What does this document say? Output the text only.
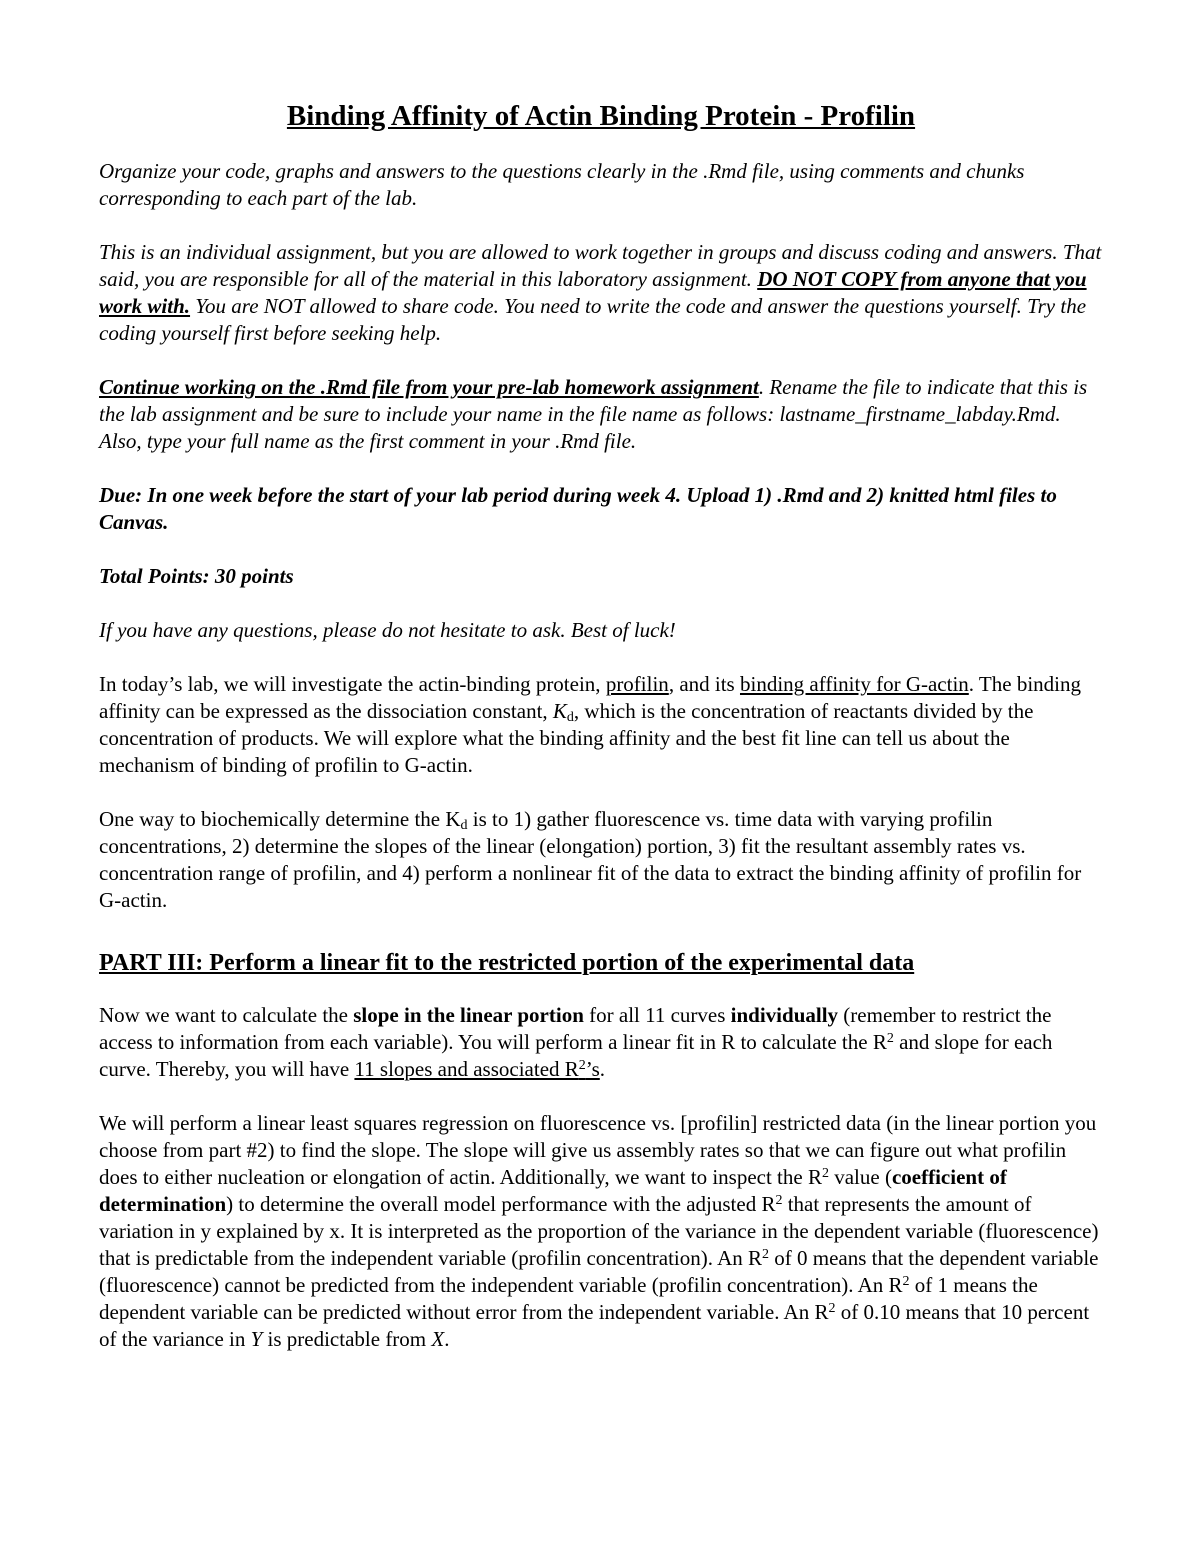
Binding Affinity of Actin Binding Protein - Profilin

Organize your code, graphs and answers to the questions clearly in the .Rmd file, using comments and chunks corresponding to each part of the lab.

This is an individual assignment, but you are allowed to work together in groups and discuss coding and answers. That said, you are responsible for all of the material in this laboratory assignment. DO NOT COPY from anyone that you work with. You are NOT allowed to share code. You need to write the code and answer the questions yourself. Try the coding yourself first before seeking help.

Continue working on the .Rmd file from your pre-lab homework assignment. Rename the file to indicate that this is the lab assignment and be sure to include your name in the file name as follows: lastname_firstname_labday.Rmd. Also, type your full name as the first comment in your .Rmd file.

Due: In one week before the start of your lab period during week 4. Upload 1) .Rmd and 2) knitted html files to Canvas.

Total Points: 30 points

If you have any questions, please do not hesitate to ask. Best of luck!

In today’s lab, we will investigate the actin-binding protein, profilin, and its binding affinity for G-actin. The binding affinity can be expressed as the dissociation constant, $K_d$, which is the concentration of reactants divided by the concentration of products. We will explore what the binding affinity and the best fit line can tell us about the mechanism of binding of profilin to G-actin.

One way to biochemically determine the $K_d$ is to 1) gather fluorescence vs. time data with varying profilin concentrations, 2) determine the slopes of the linear (elongation) portion, 3) fit the resultant assembly rates vs. concentration range of profilin, and 4) perform a nonlinear fit of the data to extract the binding affinity of profilin for G-actin.

PART III: Perform a linear fit to the restricted portion of the experimental data

Now we want to calculate the slope in the linear portion for all 11 curves individually (remember to restrict the access to information from each variable). You will perform a linear fit in R to calculate the $R^2$ and slope for each curve. Thereby, you will have 11 slopes and associated $R^2’s$.

We will perform a linear least squares regression on fluorescence vs. [profilin] restricted data (in the linear portion you choose from part #2) to find the slope. The slope will give us assembly rates so that we can figure out what profilin does to either nucleation or elongation of actin. Additionally, we want to inspect the $R^2$ value (coefficient of determination) to determine the overall model performance with the adjusted $R^2$ that represents the amount of variation in y explained by x. It is interpreted as the proportion of the variance in the dependent variable (fluorescence) that is predictable from the independent variable (profilin concentration). An $R^2$ of 0 means that the dependent variable (fluorescence) cannot be predicted from the independent variable (profilin concentration). An $R^2$ of 1 means the dependent variable can be predicted without error from the independent variable. An $R^2$ of 0.10 means that 10 percent of the variance in Y is predictable from X.
